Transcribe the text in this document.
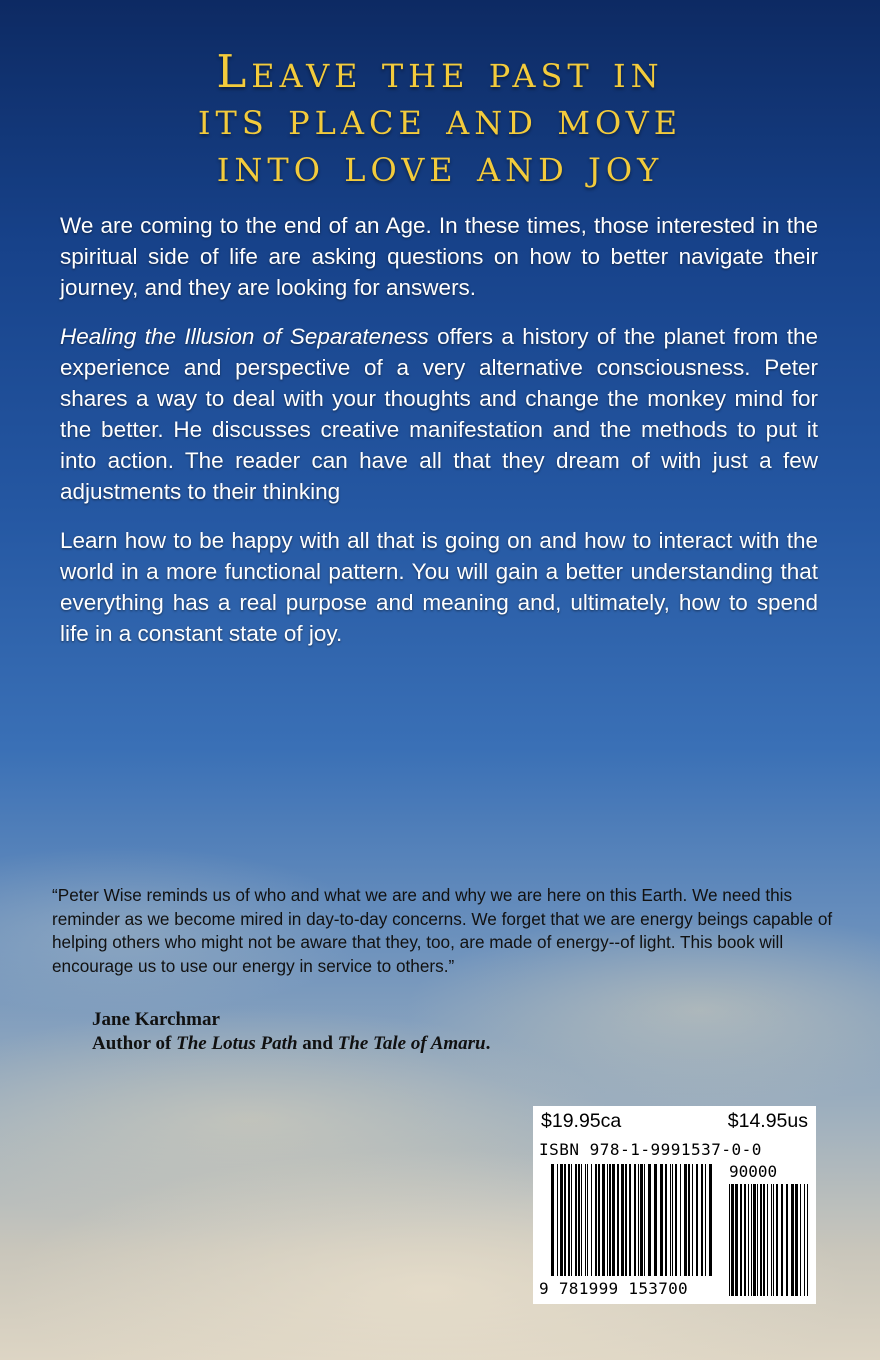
Leave the past in
its place and move
into love and joy

We are coming to the end of an Age. In these times, those interested in the spiritual side of life are asking questions on how to better navigate their journey, and they are looking for answers.

Healing the Illusion of Separateness offers a history of the planet from the experience and perspective of a very alternative consciousness. Peter shares a way to deal with your thoughts and change the monkey mind for the better. He discusses creative manifestation and the methods to put it into action. The reader can have all that they dream of with just a few adjustments to their thinking

Learn how to be happy with all that is going on and how to interact with the world in a more functional pattern. You will gain a better understanding that everything has a real purpose and meaning and, ultimately, how to spend life in a constant state of joy.

“Peter Wise reminds us of who and what we are and why we are here on this Earth. We need this reminder as we become mired in day-to-day concerns. We forget that we are energy beings capable of helping others who might not be aware that they, too, are made of energy--of light. This book will encourage us to use our energy in service to others.”

Jane Karchmar
Author of The Lotus Path and The Tale of Amaru.
$19.95ca	$14.95us
ISBN 978-1-9991537-0-0
90000
9 781999 153700
